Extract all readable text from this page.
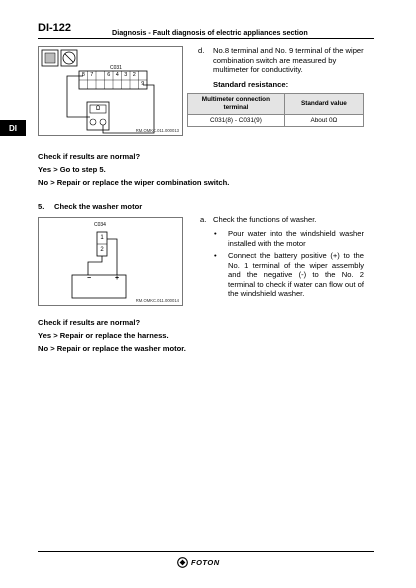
DI-122	Diagnosis - Fault diagnosis of electric appliances section
DI
C031
8 7	6 4 3 2
9
Ω
RM.OMKC.011.000013
d. No.8 terminal and No. 9 terminal of the wiper combination switch are measured by multimeter for conductivity.
Standard resistance:
Multimeter connection terminal	Standard value
C031(8) - C031(9)	About 0Ω
Check if results are normal?
Yes > Go to step 5.
No > Repair or replace the wiper combination switch.
5. Check the washer motor
C034
1
2
−	+
RM.OMKC.011.000014
a. Check the functions of washer.
• Pour water into the windshield washer installed with the motor
• Connect the battery positive (+) to the No. 1 terminal of the wiper assembly and the negative (-) to the No. 2 terminal to check if water can flow out of the windshield washer.
Check if results are normal?
Yes > Repair or replace the harness.
No > Repair or replace the washer motor.
FOTON
